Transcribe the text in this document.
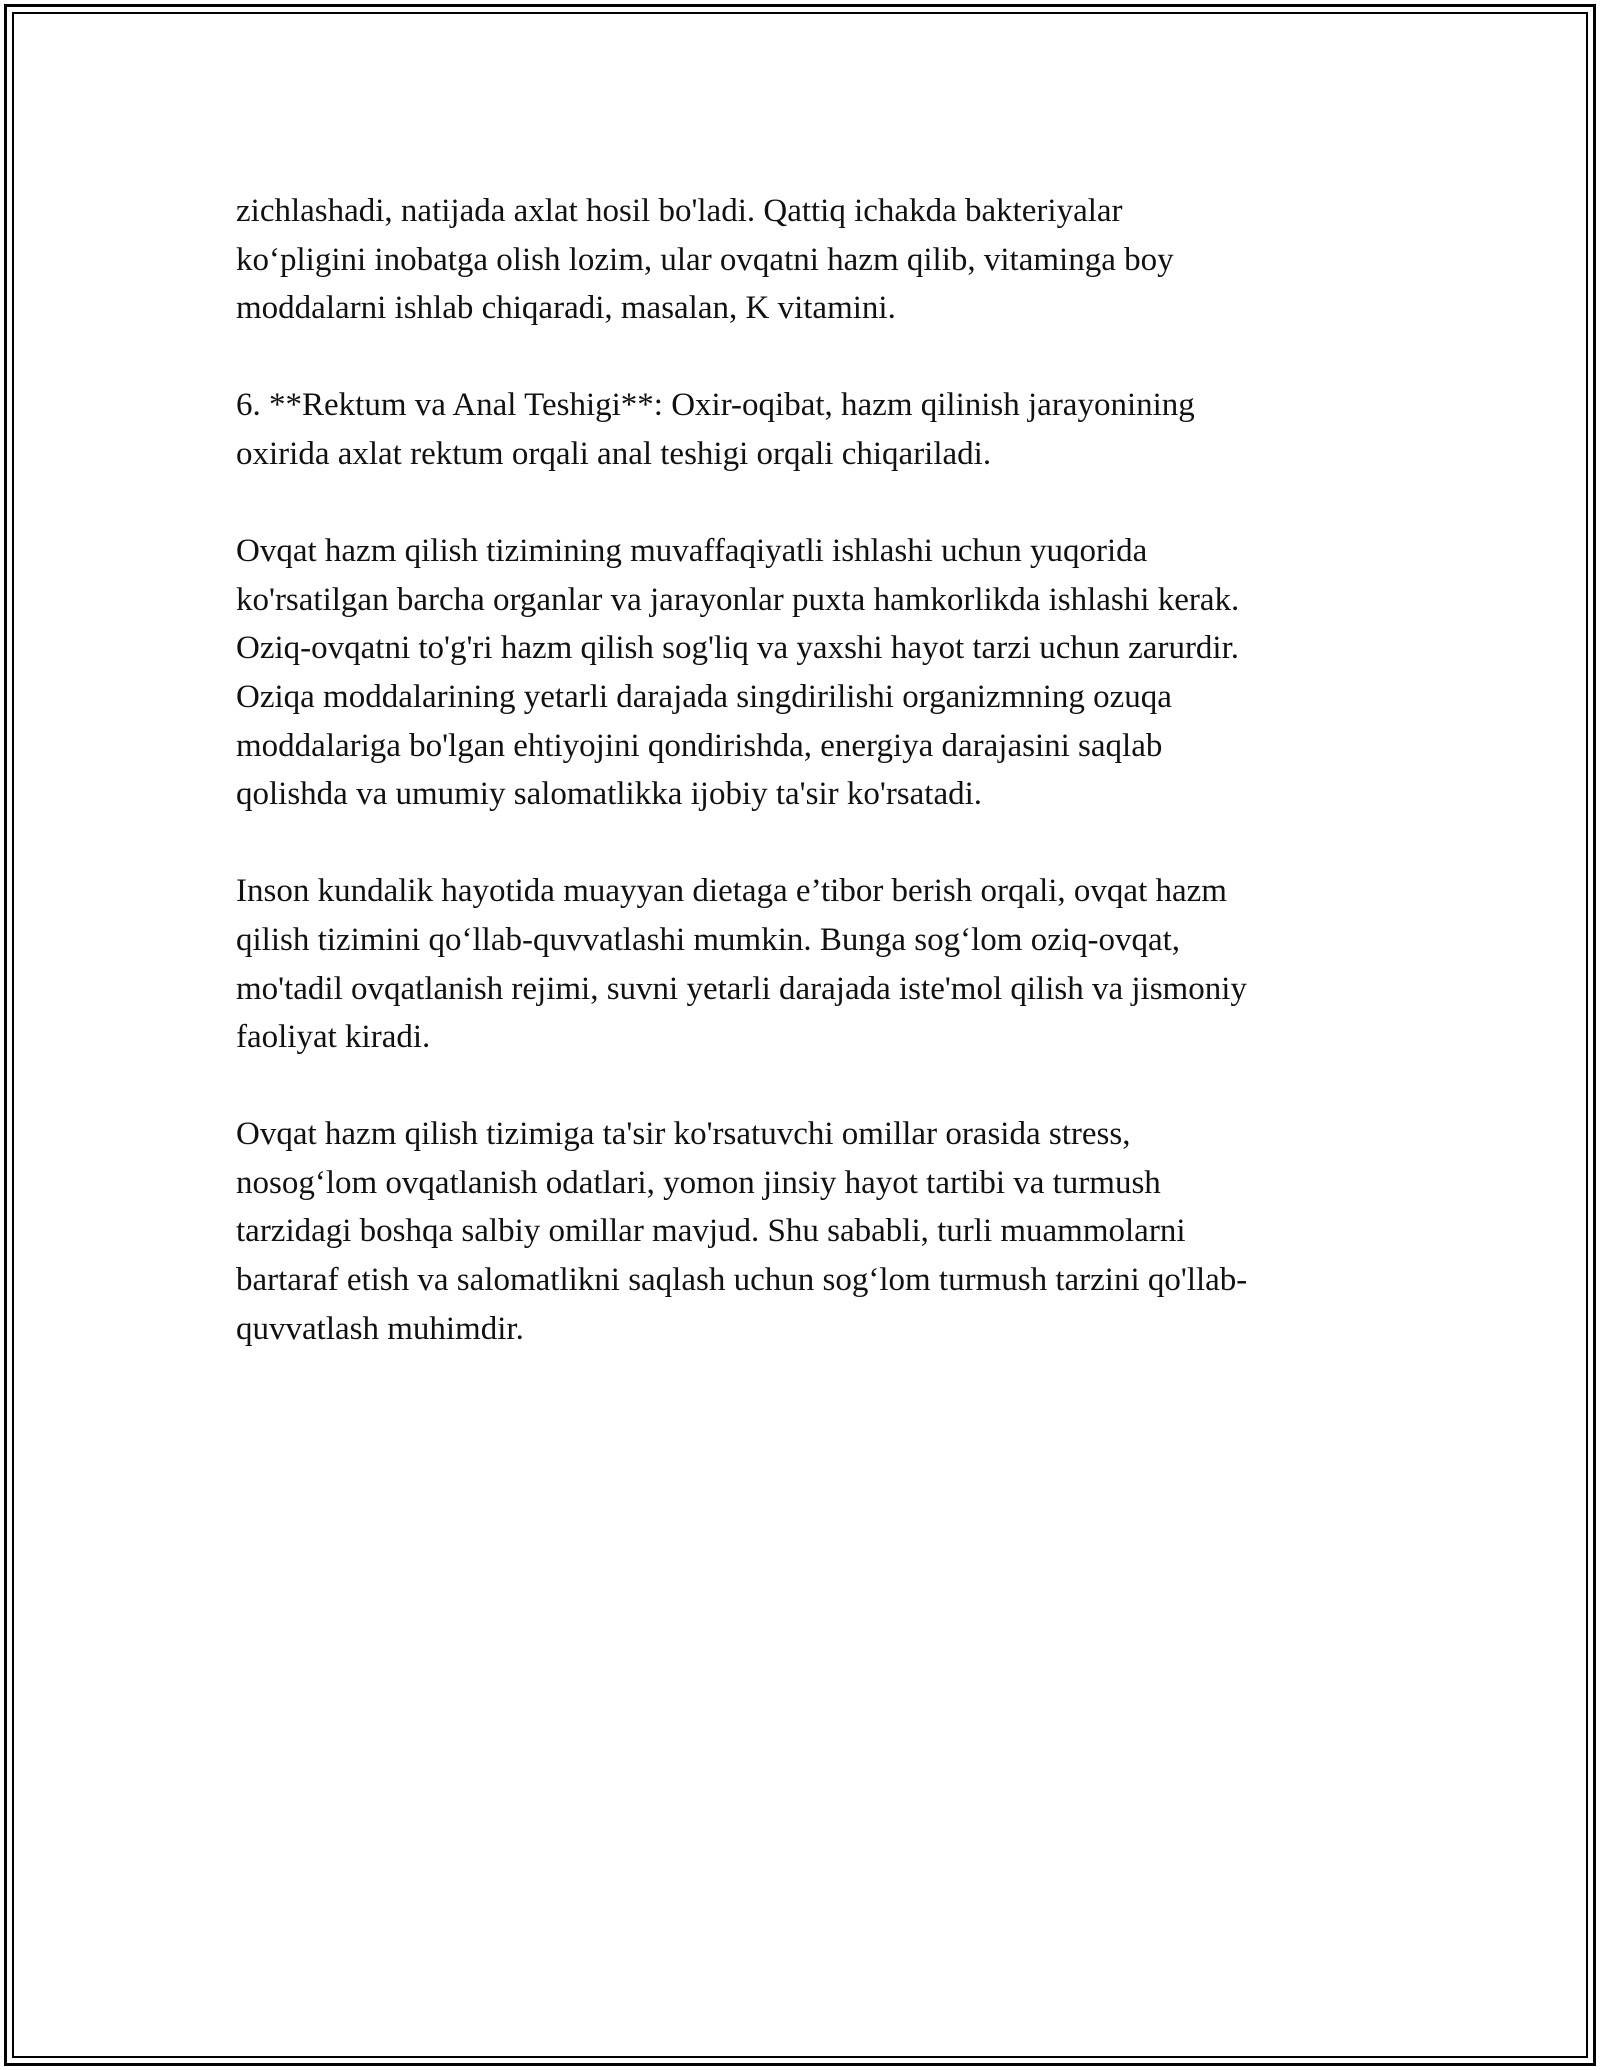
zichlashadi, natijada axlat hosil bo'ladi. Qattiq ichakda bakteriyalar
ko‘pligini inobatga olish lozim, ular ovqatni hazm qilib, vitaminga boy
moddalarni ishlab chiqaradi, masalan, K vitamini.

6. **Rektum va Anal Teshigi**: Oxir-oqibat, hazm qilinish jarayonining
oxirida axlat rektum orqali anal teshigi orqali chiqariladi.

Ovqat hazm qilish tizimining muvaffaqiyatli ishlashi uchun yuqorida
ko'rsatilgan barcha organlar va jarayonlar puxta hamkorlikda ishlashi kerak.
Oziq-ovqatni to'g'ri hazm qilish sog'liq va yaxshi hayot tarzi uchun zarurdir.
Oziqa moddalarining yetarli darajada singdirilishi organizmning ozuqa
moddalariga bo'lgan ehtiyojini qondirishda, energiya darajasini saqlab
qolishda va umumiy salomatlikka ijobiy ta'sir ko'rsatadi.

Inson kundalik hayotida muayyan dietaga e’tibor berish orqali, ovqat hazm
qilish tizimini qo‘llab-quvvatlashi mumkin. Bunga sog‘lom oziq-ovqat,
mo'tadil ovqatlanish rejimi, suvni yetarli darajada iste'mol qilish va jismoniy
faoliyat kiradi.

Ovqat hazm qilish tizimiga ta'sir ko'rsatuvchi omillar orasida stress,
nosog‘lom ovqatlanish odatlari, yomon jinsiy hayot tartibi va turmush
tarzidagi boshqa salbiy omillar mavjud. Shu sababli, turli muammolarni
bartaraf etish va salomatlikni saqlash uchun sog‘lom turmush tarzini qo'llab-
quvvatlash muhimdir.
